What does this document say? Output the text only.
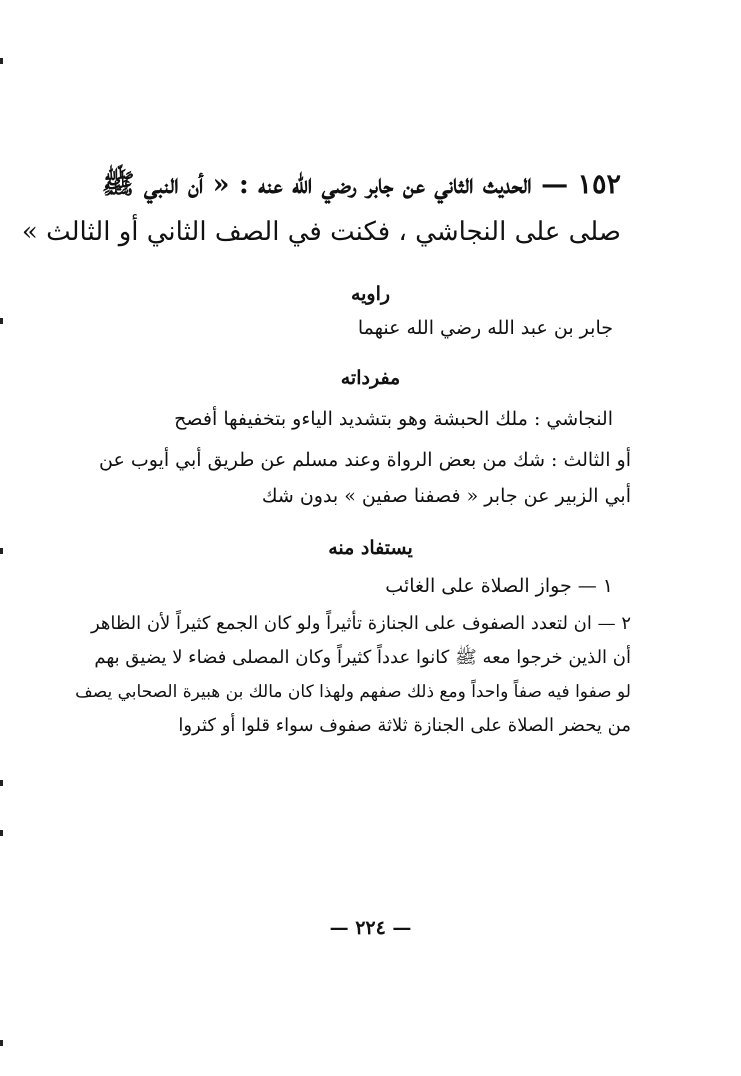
١٥٢ — الحديث الثاني عن جابر رضي الله عنه : « أن النبي ﷺ
صلى على النجاشي ، فكنت في الصف الثاني أو الثالث »
راويه
جابر بن عبد الله رضي الله عنهما
مفرداته
النجاشي : ملك الحبشة وهو بتشديد الياءو بتخفيفها أفصح
أو الثالث : شك من بعض الرواة وعند مسلم عن طريق أبي أيوب عن
أبي الزبير عن جابر « فصفنا صفين » بدون شك
يستفاد منه
١ — جواز الصلاة على الغائب
٢ — ان لتعدد الصفوف على الجنازة تأثيراً ولو كان الجمع كثيراً لأن الظاهر
أن الذين خرجوا معه ﷺ كانوا عدداً كثيراً وكان المصلى فضاء لا يضيق بهم
لو صفوا فيه صفاً واحداً ومع ذلك صفهم ولهذا كان مالك بن هبيرة الصحابي يصف
من يحضر الصلاة على الجنازة ثلاثة صفوف سواء قلوا أو كثروا
— ٢٢٤ —
